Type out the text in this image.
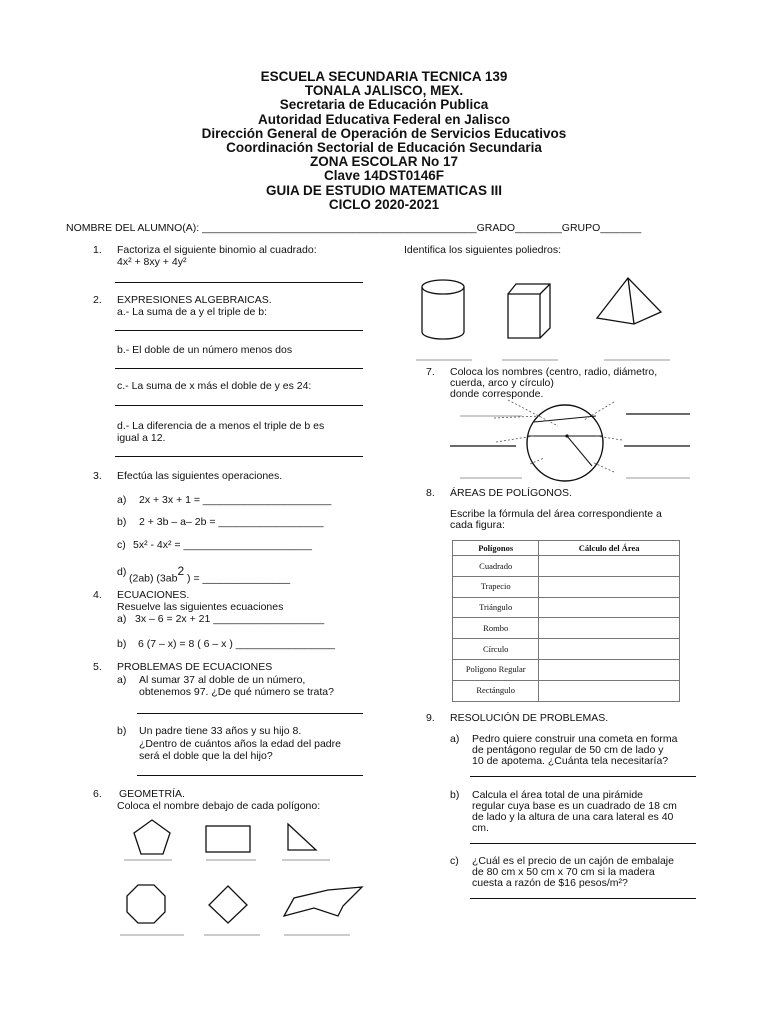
ESCUELA SECUNDARIA TECNICA 139
TONALA JALISCO, MEX.
Secretaria de Educación Publica
Autoridad Educativa Federal en Jalisco
Dirección General de Operación de Servicios Educativos
Coordinación Sectorial de Educación Secundaria
ZONA ESCOLAR No 17
Clave 14DST0146F
GUIA DE ESTUDIO MATEMATICAS III
CICLO 2020-2021
NOMBRE DEL ALUMNO(A): _______________________________________________GRADO________GRUPO_______
1. Factoriza el siguiente binomio al cuadrado:
4x² + 8xy + 4y²
2. EXPRESIONES ALGEBRAICAS.
a.- La suma de a y el triple de b:
b.- El doble de un número menos dos
c.- La suma de x más el doble de y es 24:
d.- La diferencia de a menos el triple de b es
igual a 12.
3. Efectúa las siguientes operaciones.
a) 2x + 3x + 1 = ______________________
b) 2 + 3b – a– 2b = __________________
c) 5x² - 4x² = ______________________
d)
(2ab) ($3ab^2$ ) = _______________
4. ECUACIONES.
Resuelve las siguientes ecuaciones
a) 3x – 6 = 2x + 21 ___________________
b) 6 (7 – x) = 8 ( 6 – x ) _________________
5. PROBLEMAS DE ECUACIONES
a) Al sumar 37 al doble de un número,
obtenemos 97. ¿De qué número se trata?
b) Un padre tiene 33 años y su hijo 8.
¿Dentro de cuántos años la edad del padre
será el doble que la del hijo?
6. GEOMETRÍA.
Coloca el nombre debajo de cada polígono:
Identifica los siguientes poliedros:
7. Coloca los nombres (centro, radio, diámetro,
cuerda, arco y círculo)
donde corresponde.
8. ÁREAS DE POLÍGONOS.
Escribe la fórmula del área correspondiente a
cada figura:
Polígonos	Cálculo del Área
Cuadrado	
Trapecio	
Triángulo	
Rombo	
Círculo	
Polígono Regular	
Rectángulo	
9. RESOLUCIÓN DE PROBLEMAS.
a) Pedro quiere construir una cometa en forma
de pentágono regular de 50 cm de lado y
10 de apotema. ¿Cuánta tela necesitaría?
b) Calcula el área total de una pirámide
regular cuya base es un cuadrado de 18 cm
de lado y la altura de una cara lateral es 40
cm.
c) ¿Cuál es el precio de un cajón de embalaje
de 80 cm x 50 cm x 70 cm si la madera
cuesta a razón de $16 pesos/m²?
